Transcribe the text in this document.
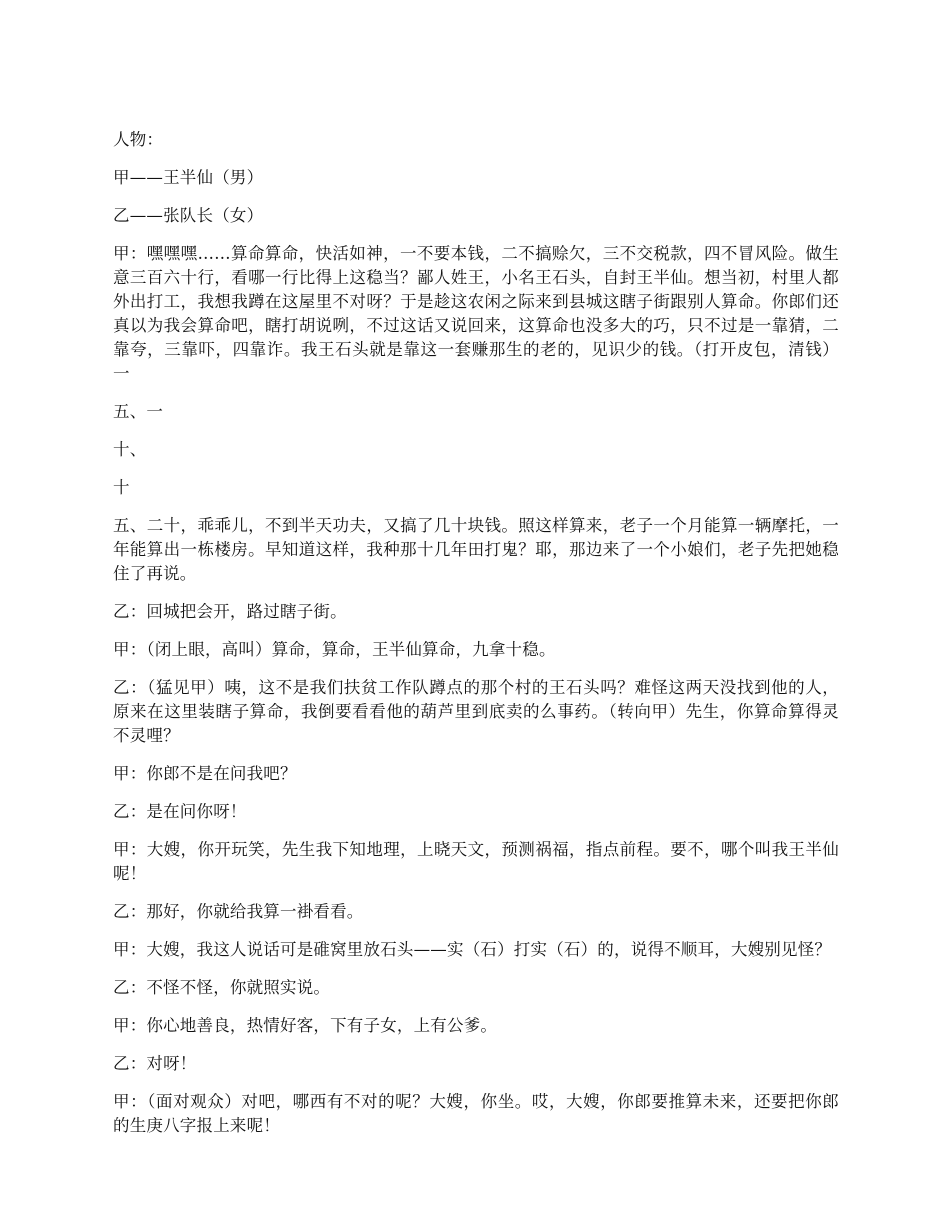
人物：

甲——王半仙（男）

乙——张队长（女）

甲：嘿嘿嘿……算命算命，快活如神，一不要本钱，二不搞赊欠，三不交税款，四不冒风险。做生意三百六十行，看哪一行比得上这稳当？鄙人姓王，小名王石头，自封王半仙。想当初，村里人都外出打工，我想我蹲在这屋里不对呀？于是趁这农闲之际来到县城这瞎子街跟别人算命。你郎们还真以为我会算命吧，瞎打胡说咧，不过这话又说回来，这算命也没多大的巧，只不过是一靠猜，二靠夸，三靠吓，四靠诈。我王石头就是靠这一套赚那生的老的，见识少的钱。（打开皮包，清钱）一

五、一

十、

十

五、二十，乖乖儿，不到半天功夫，又搞了几十块钱。照这样算来，老子一个月能算一辆摩托，一年能算出一栋楼房。早知道这样，我种那十几年田打鬼？耶，那边来了一个小娘们，老子先把她稳住了再说。

乙：回城把会开，路过瞎子街。

甲：（闭上眼，高叫）算命，算命，王半仙算命，九拿十稳。

乙：（猛见甲）咦，这不是我们扶贫工作队蹲点的那个村的王石头吗？难怪这两天没找到他的人，原来在这里装瞎子算命，我倒要看看他的葫芦里到底卖的么事药。（转向甲）先生，你算命算得灵不灵哩？

甲：你郎不是在问我吧？

乙：是在问你呀！

甲：大嫂，你开玩笑，先生我下知地理，上晓天文，预测祸福，指点前程。要不，哪个叫我王半仙呢！

乙：那好，你就给我算一褂看看。

甲：大嫂，我这人说话可是碓窝里放石头——实（石）打实（石）的，说得不顺耳，大嫂别见怪？

乙：不怪不怪，你就照实说。

甲：你心地善良，热情好客，下有子女，上有公爹。

乙：对呀！

甲：（面对观众）对吧，哪西有不对的呢？大嫂，你坐。哎，大嫂，你郎要推算未来，还要把你郎的生庚八字报上来呢！
